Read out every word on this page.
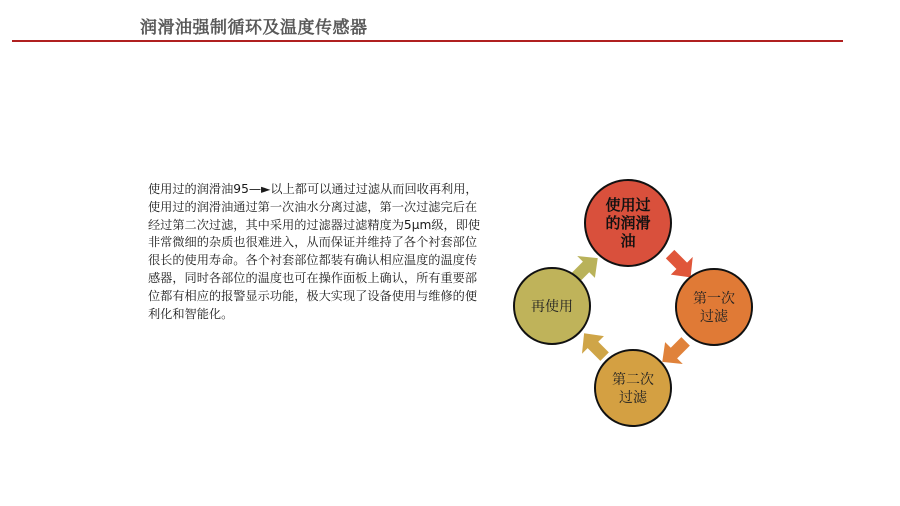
润滑油强制循环及温度传感器
使用过的润滑油95—►以上都可以通过过滤从而回收再利用，使用过的润滑油通过第一次油水分离过滤，第一次过滤完后在经过第二次过滤，其中采用的过滤器过滤精度为5μm级，即使非常微细的杂质也很难进入，从而保证并维持了各个衬套部位很长的使用寿命。各个衬套部位都装有确认相应温度的温度传感器，同时各部位的温度也可在操作面板上确认，所有重要部位都有相应的报警显示功能，极大实现了设备使用与维修的便利化和智能化。
使用过
的润滑
油
第一次
过滤
第二次
过滤
再使用
